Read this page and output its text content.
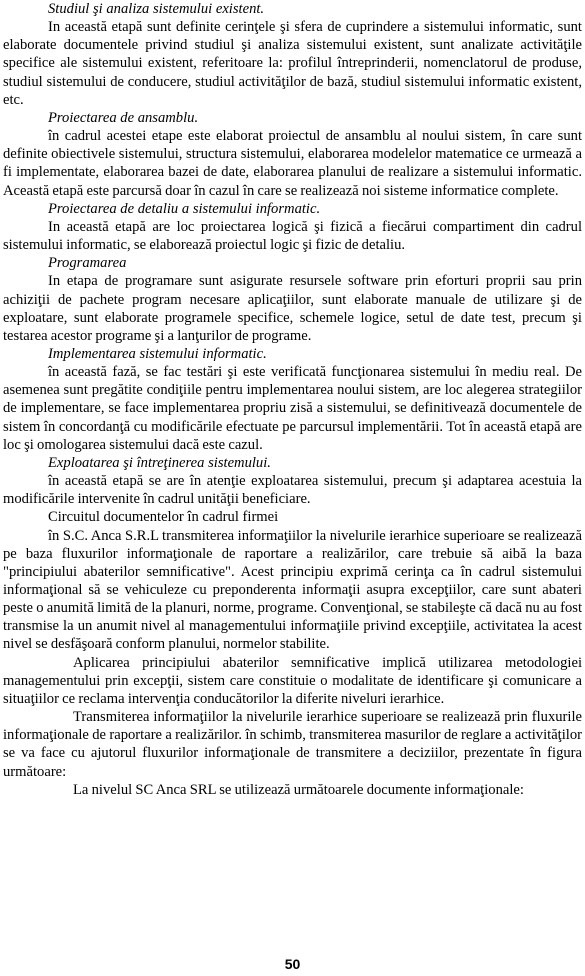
Studiul şi analiza sistemului existent.

In această etapă sunt definite cerinţele şi sfera de cuprindere a sistemului informatic, sunt elaborate documentele privind studiul şi analiza sistemului existent, sunt analizate activităţile specifice ale sistemului existent, referitoare la: profilul întreprinderii, nomenclatorul de produse, studiul sistemului de conducere, studiul activităţilor de bază, studiul sistemului informatic existent, etc.

Proiectarea de ansamblu.

în cadrul acestei etape este elaborat proiectul de ansamblu al noului sistem, în care sunt definite obiectivele sistemului, structura sistemului, elaborarea modelelor matematice ce urmează a fi implementate, elaborarea bazei de date, elaborarea planului de realizare a sistemului informatic. Această etapă este parcursă doar în cazul în care se realizează noi sisteme informatice complete.

Proiectarea de detaliu a sistemului informatic.

In această etapă are loc proiectarea logică şi fizică a fiecărui compartiment din cadrul sistemului informatic, se elaborează proiectul logic şi fizic de detaliu.

Programarea

In etapa de programare sunt asigurate resursele software prin eforturi proprii sau prin achiziţii de pachete program necesare aplicaţiilor, sunt elaborate manuale de utilizare şi de exploatare, sunt elaborate programele specifice, schemele logice, setul de date test, precum şi testarea acestor programe şi a lanţurilor de programe.

Implementarea sistemului informatic.

în această fază, se fac testări şi este verificată funcţionarea sistemului în mediu real. De asemenea sunt pregătite condiţiile pentru implementarea noului sistem, are loc alegerea strategiilor de implementare, se face implementarea propriu zisă a sistemului, se definitivează documentele de sistem în concordanţă cu modificările efectuate pe parcursul implementării. Tot în această etapă are loc şi omologarea sistemului dacă este cazul.

Exploatarea şi întreţinerea sistemului.

în această etapă se are în atenţie exploatarea sistemului, precum şi adaptarea acestuia la modificările intervenite în cadrul unităţii beneficiare.

Circuitul documentelor în cadrul firmei

în S.C. Anca S.R.L transmiterea informaţiilor la nivelurile ierarhice superioare se realizează pe baza fluxurilor informaţionale de raportare a realizărilor, care trebuie să aibă la baza "principiului abaterilor semnificative". Acest principiu exprimă cerinţa ca în cadrul sistemului informaţional să se vehiculeze cu preponderenta informaţii asupra excepţiilor, care sunt abateri peste o anumită limită de la planuri, norme, programe. Convenţional, se stabileşte că dacă nu au fost transmise la un anumit nivel al managementului informaţiile privind excepţiile, activitatea la acest nivel se desfăşoară conform planului, normelor stabilite.

Aplicarea principiului abaterilor semnificative implică utilizarea metodologiei managementului prin excepţii, sistem care constituie o modalitate de identificare şi comunicare a situaţiilor ce reclama intervenţia conducătorilor la diferite niveluri ierarhice.

Transmiterea informaţiilor la nivelurile ierarhice superioare se realizează prin fluxurile informaţionale de raportare a realizărilor. în schimb, transmiterea masurilor de reglare a activităţilor se va face cu ajutorul fluxurilor informaţionale de transmitere a deciziilor, prezentate în figura următoare:

La nivelul SC Anca SRL se utilizează următoarele documente informaţionale:

50
